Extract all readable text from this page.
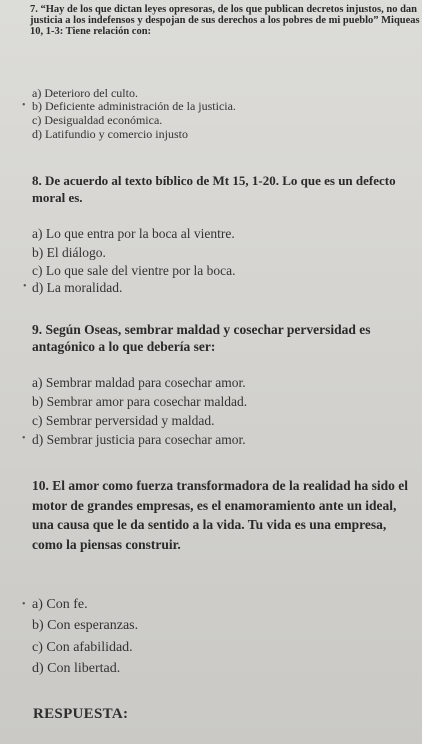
7. “Hay de los que dictan leyes opresoras, de los que publican decretos injustos, no dan justicia a los indefensos y despojan de sus derechos a los pobres de mi pueblo” Miqueas 10, 1-3: Tiene relación con:

a) Deterioro del culto.

• b) Deficiente administración de la justicia.

c) Desigualdad económica.

d) Latifundio y comercio injusto

8. De acuerdo al texto bíblico de Mt 15, 1-20. Lo que es un defecto moral es.

a) Lo que entra por la boca al vientre.

b) El diálogo.

c) Lo que sale del vientre por la boca.

• d) La moralidad.

9. Según Oseas, sembrar maldad y cosechar perversidad es antagónico a lo que debería ser:

a) Sembrar maldad para cosechar amor.

b) Sembrar amor para cosechar maldad.

c) Sembrar perversidad y maldad.

• d) Sembrar justicia para cosechar amor.

10. El amor como fuerza transformadora de la realidad ha sido el motor de grandes empresas, es el enamoramiento ante un ideal, una causa que le da sentido a la vida. Tu vida es una empresa, como la piensas construir.

• a) Con fe.

b) Con esperanzas.

c) Con afabilidad.

d) Con libertad.

RESPUESTA:
